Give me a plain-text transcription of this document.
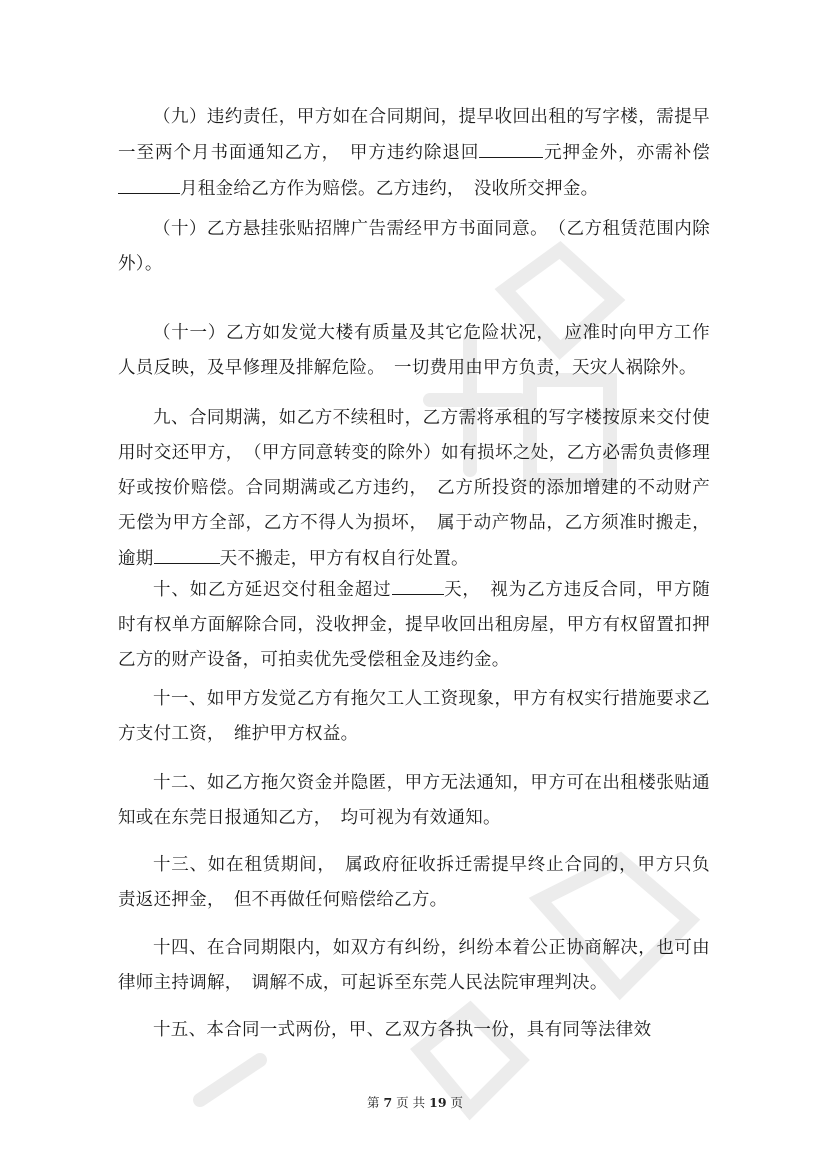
（九）违约责任，甲方如在合同期间，提早收回出租的写字楼，需提早一至两个月书面通知乙方，　甲方违约除退回	元押金外，亦需补偿月租金给乙方作为赔偿。乙方违约，　没收所交押金。

（十）乙方悬挂张贴招牌广告需经甲方书面同意。　（乙方租赁范围内除外）。

（十一）乙方如发觉大楼有质量及其它危险状况，　应准时向甲方工作人员反映，及早修理及排解危险。　一切费用由甲方负责，天灾人祸除外。

九、合同期满，如乙方不续租时，乙方需将承租的写字楼按原来交付使用时交还甲方，　（甲方同意转变的除外）如有损坏之处，乙方必需负责修理好或按价赔偿。合同期满或乙方违约，　乙方所投资的添加增建的不动财产无偿为甲方全部，乙方不得人为损坏，　属于动产物品，乙方须准时搬走，逾期	天不搬走，甲方有权自行处置。

十、如乙方延迟交付租金超过	天，　视为乙方违反合同，甲方随时有权单方面解除合同，没收押金，提早收回出租房屋，甲方有权留置扣押乙方的财产设备，可拍卖优先受偿租金及违约金。

十一、如甲方发觉乙方有拖欠工人工资现象，甲方有权实行措施要求乙方支付工资，　维护甲方权益。

十二、如乙方拖欠资金并隐匿，甲方无法通知，甲方可在出租楼张贴通知或在东莞日报通知乙方，　均可视为有效通知。

十三、如在租赁期间，　属政府征收拆迁需提早终止合同的，甲方只负责返还押金，　但不再做任何赔偿给乙方。

十四、在合同期限内，如双方有纠纷，纠纷本着公正协商解决，也可由律师主持调解，　调解不成，可起诉至东莞人民法院审理判决。

十五、本合同一式两份，甲、乙双方各执一份，具有同等法律效

第 7 页 共 19 页
